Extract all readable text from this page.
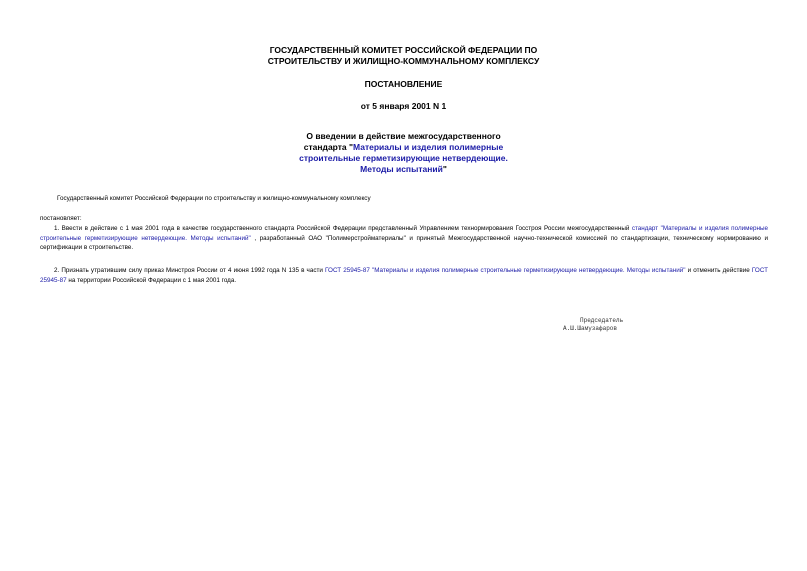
ГОСУДАРСТВЕННЫЙ КОМИТЕТ РОССИЙСКОЙ ФЕДЕРАЦИИ ПО
СТРОИТЕЛЬСТВУ И ЖИЛИЩНО-КОММУНАЛЬНОМУ КОМПЛЕКСУ
ПОСТАНОВЛЕНИЕ
от 5 января 2001 N 1
О введении в действие межгосударственного
стандарта "Материалы и изделия полимерные
строительные герметизирующие нетвердеющие.
Методы испытаний"
Государственный комитет Российской Федерации по строительству и жилищно-коммунальному комплексу
постановляет:
1. Ввести в действие с 1 мая 2001 года в качестве государственного стандарта Российской Федерации представленный Управлением технормирования Госстроя России межгосударственный стандарт "Материалы и изделия полимерные строительные герметизирующие нетвердеющие. Методы испытаний" , разработанный ОАО "Полимерстройматериалы" и принятый Межгосударственной научно-технической комиссией по стандартизации, техническому нормированию и сертификации в строительстве.
2. Признать утратившим силу приказ Минстроя России от 4 июня 1992 года N 135 в части ГОСТ 25945-87 "Материалы и изделия полимерные строительные герметизирующие нетвердеющие. Методы испытаний" и отменить действие ГОСТ 25945-87 на территории Российской Федерации с 1 мая 2001 года.
Председатель
А.Ш.Шамузафаров
